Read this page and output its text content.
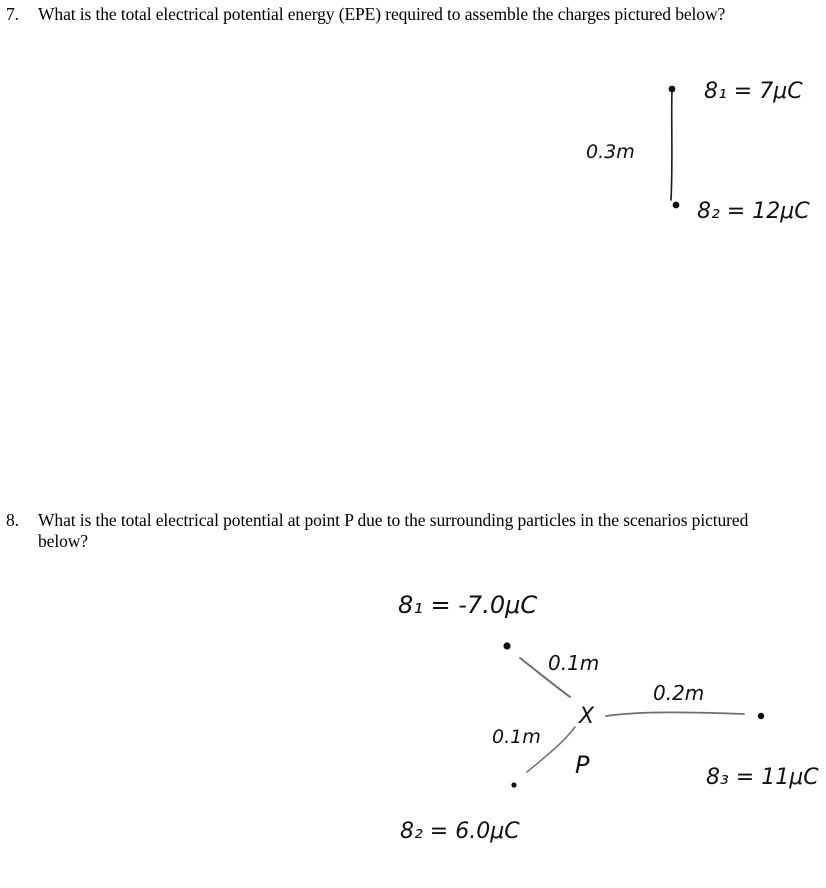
7. What is the total electrical potential energy (EPE) required to assemble the charges pictured below?
8. What is the total electrical potential at point P due to the surrounding particles in the scenarios pictured below?
8₁ = 7μC
8₂ = 12μC
0.3m
8₁ = -7.0μC
8₂ = 6.0μC
8₃ = 11μC
0.1m
0.1m
0.2m
X
P
